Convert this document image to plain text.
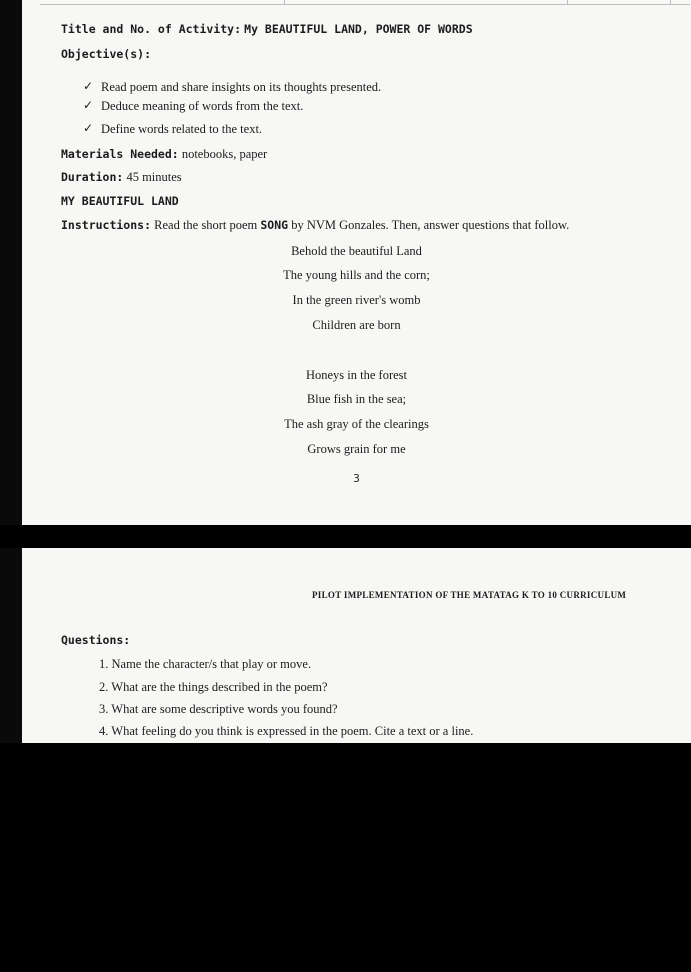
Title and No. of Activity: My BEAUTIFUL LAND, POWER OF WORDS
Objective(s):
✓ Read poem and share insights on its thoughts presented.
✓ Deduce meaning of words from the text.
✓ Define words related to the text.
Materials Needed: notebooks, paper
Duration: 45 minutes
MY BEAUTIFUL LAND
Instructions: Read the short poem SONG by NVM Gonzales. Then, answer questions that follow.
Behold the beautiful Land
The young hills and the corn;
In the green river's womb
Children are born
Honeys in the forest
Blue fish in the sea;
The ash gray of the clearings
Grows grain for me
3
PILOT IMPLEMENTATION OF THE MATATAG K TO 10 CURRICULUM
Questions:
1. Name the character/s that play or move.
2. What are the things described in the poem?
3. What are some descriptive words you found?
4. What feeling do you think is expressed in the poem. Cite a text or a line.
